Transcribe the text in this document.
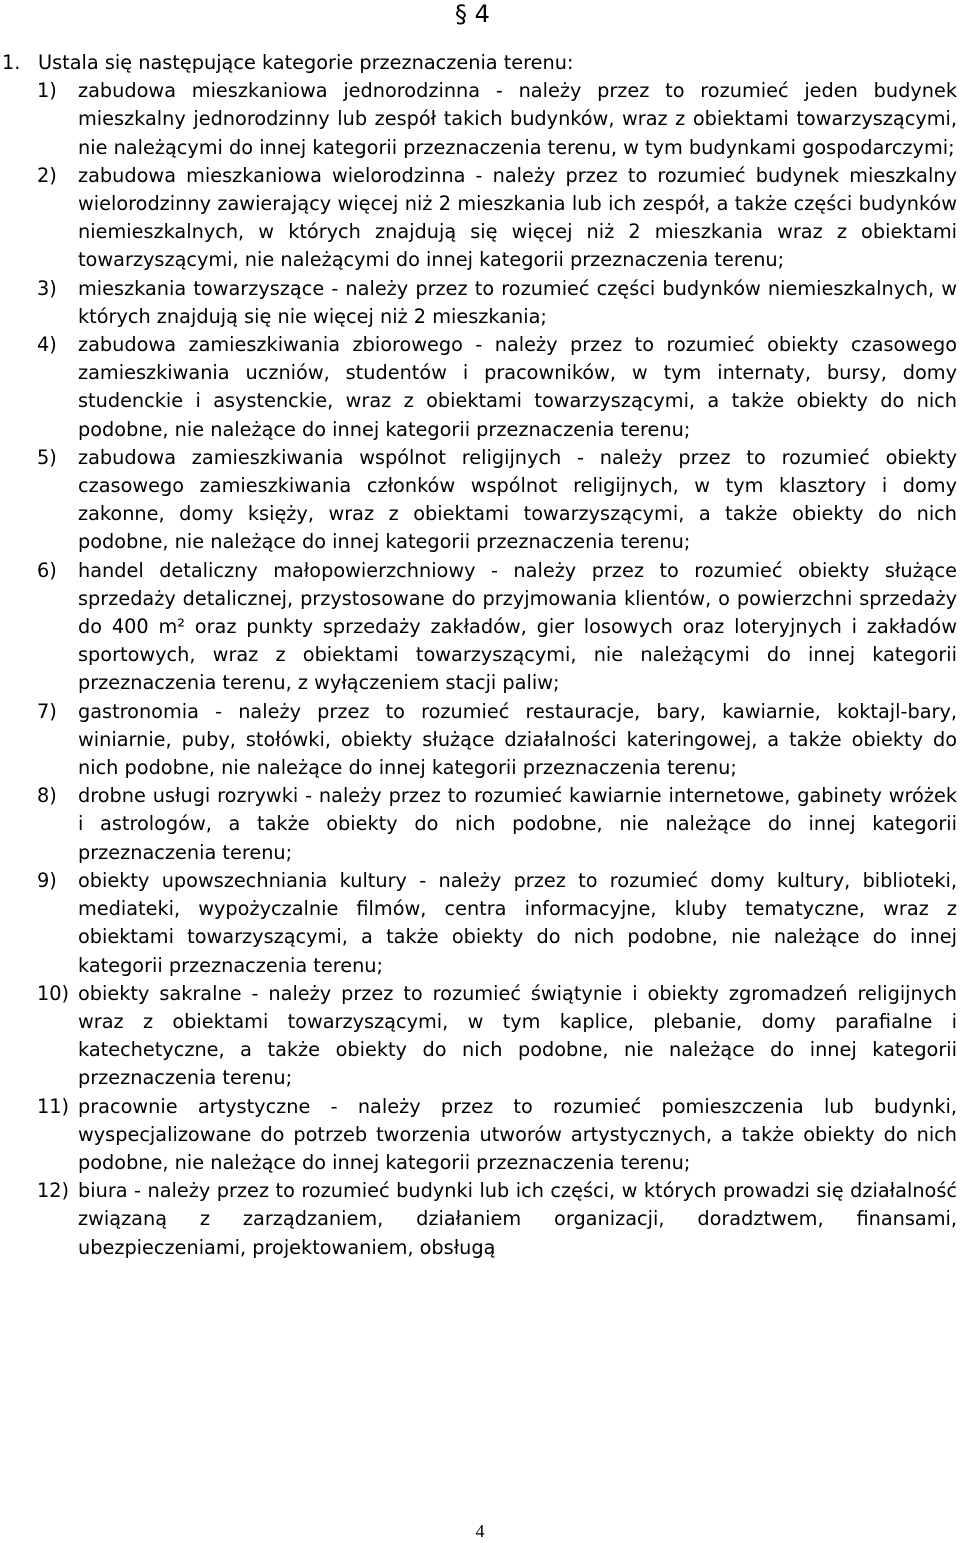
§ 4
1. Ustala się następujące kategorie przeznaczenia terenu:
1)	zabudowa mieszkaniowa jednorodzinna - należy przez to rozumieć jeden budynek mieszkalny jednorodzinny lub zespół takich budynków, wraz z obiektami towarzyszącymi, nie należącymi do innej kategorii przeznaczenia terenu, w tym budynkami gospodarczymi;
2)	zabudowa mieszkaniowa wielorodzinna - należy przez to rozumieć budynek mieszkalny wielorodzinny zawierający więcej niż 2 mieszkania lub ich zespół, a także części budynków niemieszkalnych, w których znajdują się więcej niż 2 mieszkania wraz z obiektami towarzyszącymi, nie należącymi do innej kategorii przeznaczenia terenu;
3)	mieszkania towarzyszące - należy przez to rozumieć części budynków niemieszkalnych, w których znajdują się nie więcej niż 2 mieszkania;
4)	zabudowa zamieszkiwania zbiorowego - należy przez to rozumieć obiekty czasowego zamieszkiwania uczniów, studentów i pracowników, w tym internaty, bursy, domy studenckie i asystenckie, wraz z obiektami towarzyszącymi, a także obiekty do nich podobne, nie należące do innej kategorii przeznaczenia terenu;
5)	zabudowa zamieszkiwania wspólnot religijnych - należy przez to rozumieć obiekty czasowego zamieszkiwania członków wspólnot religijnych, w tym klasztory i domy zakonne, domy księży, wraz z obiektami towarzyszącymi, a także obiekty do nich podobne, nie należące do innej kategorii przeznaczenia terenu;
6)	handel detaliczny małopowierzchniowy - należy przez to rozumieć obiekty służące sprzedaży detalicznej, przystosowane do przyjmowania klientów, o powierzchni sprzedaży do 400 m² oraz punkty sprzedaży zakładów, gier losowych oraz loteryjnych i zakładów sportowych, wraz z obiektami towarzyszącymi, nie należącymi do innej kategorii przeznaczenia terenu, z wyłączeniem stacji paliw;
7)	gastronomia - należy przez to rozumieć restauracje, bary, kawiarnie, koktajl-bary, winiarnie, puby, stołówki, obiekty służące działalności kateringowej, a także obiekty do nich podobne, nie należące do innej kategorii przeznaczenia terenu;
8)	drobne usługi rozrywki - należy przez to rozumieć kawiarnie internetowe, gabinety wróżek i astrologów, a także obiekty do nich podobne, nie należące do innej kategorii przeznaczenia terenu;
9)	obiekty upowszechniania kultury - należy przez to rozumieć domy kultury, biblioteki, mediateki, wypożyczalnie filmów, centra informacyjne, kluby tematyczne, wraz z obiektami towarzyszącymi, a także obiekty do nich podobne, nie należące do innej kategorii przeznaczenia terenu;
10) obiekty sakralne - należy przez to rozumieć świątynie i obiekty zgromadzeń religijnych wraz z obiektami towarzyszącymi, w tym kaplice, plebanie, domy parafialne i katechetyczne, a także obiekty do nich podobne, nie należące do innej kategorii przeznaczenia terenu;
11) pracownie artystyczne - należy przez to rozumieć pomieszczenia lub budynki, wyspecjalizowane do potrzeb tworzenia utworów artystycznych, a także obiekty do nich podobne, nie należące do innej kategorii przeznaczenia terenu;
12) biura - należy przez to rozumieć budynki lub ich części, w których prowadzi się działalność związaną z zarządzaniem, działaniem organizacji, doradztwem, finansami, ubezpieczeniami, projektowaniem, obsługą
4
